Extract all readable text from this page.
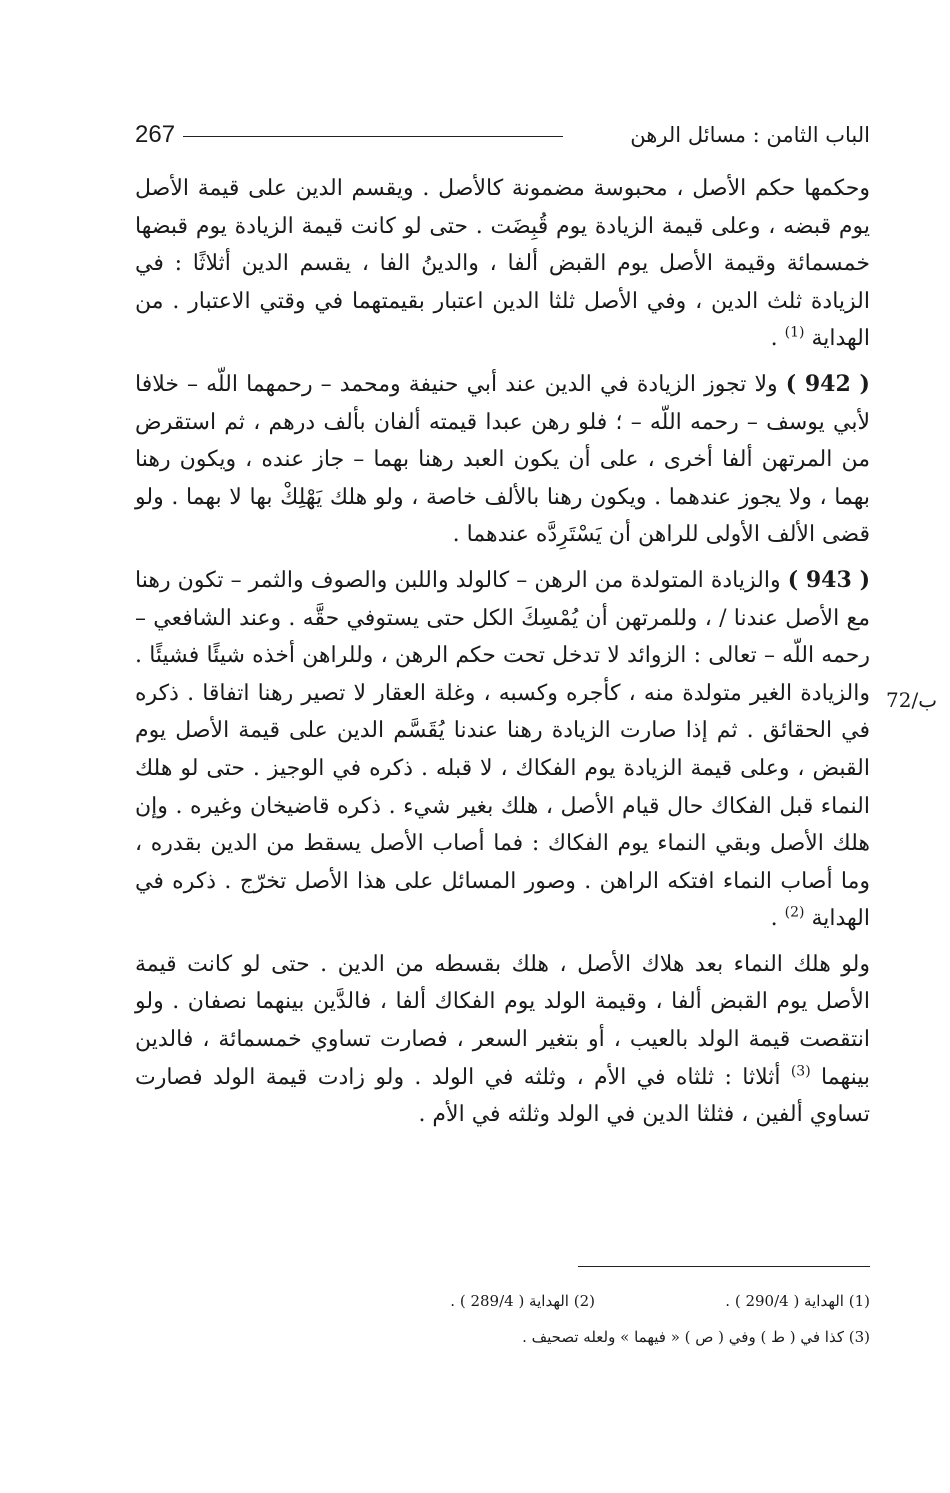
267	الباب الثامن : مسائل الرهن

وحكمها حكم الأصل ، محبوسة مضمونة كالأصل . ويقسم الدين على قيمة الأصل يوم قبضه ، وعلى قيمة الزيادة يوم قُبِضَت . حتى لو كانت قيمة الزيادة يوم قبضها خمسمائة وقيمة الأصل يوم القبض ألفا ، والدينُ الفا ، يقسم الدين أثلاثًا : في الزيادة ثلث الدين ، وفي الأصل ثلثا الدين اعتبار بقيمتهما في وقتي الاعتبار . من الهداية $^{(1)}$ .

( 942 ) ولا تجوز الزيادة في الدين عند أبي حنيفة ومحمد – رحمهما اللّه – خلافا لأبي يوسف – رحمه اللّه – ؛ فلو رهن عبدا قيمته ألفان بألف درهم ، ثم استقرض من المرتهن ألفا أخرى ، على أن يكون العبد رهنا بهما – جاز عنده ، ويكون رهنا بهما ، ولا يجوز عندهما . ويكون رهنا بالألف خاصة ، ولو هلك يَهْلِكْ بها لا بهما . ولو قضى الألف الأولى للراهن أن يَسْتَرِدَّه عندهما .

( 943 ) والزيادة المتولدة من الرهن – كالولد واللبن والصوف والثمر – تكون رهنا مع الأصل عندنا / ، وللمرتهن أن يُمْسِكَ الكل حتى يستوفي حقَّه . وعند الشافعي – رحمه اللّه – تعالى : الزوائد لا تدخل تحت حكم الرهن ، وللراهن أخذه شيئًا فشيئًا . والزيادة الغير متولدة منه ، كأجره وكسبه ، وغلة العقار لا تصير رهنا اتفاقا . ذكره في الحقائق . ثم إذا صارت الزيادة رهنا عندنا يُقَسَّم الدين على قيمة الأصل يوم القبض ، وعلى قيمة الزيادة يوم الفكاك ، لا قبله . ذكره في الوجيز . حتى لو هلك النماء قبل الفكاك حال قيام الأصل ، هلك بغير شيء . ذكره قاضيخان وغيره . وإن هلك الأصل وبقي النماء يوم الفكاك : فما أصاب الأصل يسقط من الدين بقدره ، وما أصاب النماء افتكه الراهن . وصور المسائل على هذا الأصل تخرّج . ذكره في الهداية $^{(2)}$ .

ولو هلك النماء بعد هلاك الأصل ، هلك بقسطه من الدين . حتى لو كانت قيمة الأصل يوم القبض ألفا ، وقيمة الولد يوم الفكاك ألفا ، فالدَّين بينهما نصفان . ولو انتقصت قيمة الولد بالعيب ، أو بتغير السعر ، فصارت تساوي خمسمائة ، فالدين بينهما $^{(3)}$ أثلاثا : ثلثاه في الأم ، وثلثه في الولد . ولو زادت قيمة الولد فصارت تساوي ألفين ، فثلثا الدين في الولد وثلثه في الأم .

72/ب
(1) الهداية ( 290/4 ) .
(2) الهداية ( 289/4 ) .
(3) كذا في ( ط ) وفي ( ص ) « فيهما » ولعله تصحيف .
